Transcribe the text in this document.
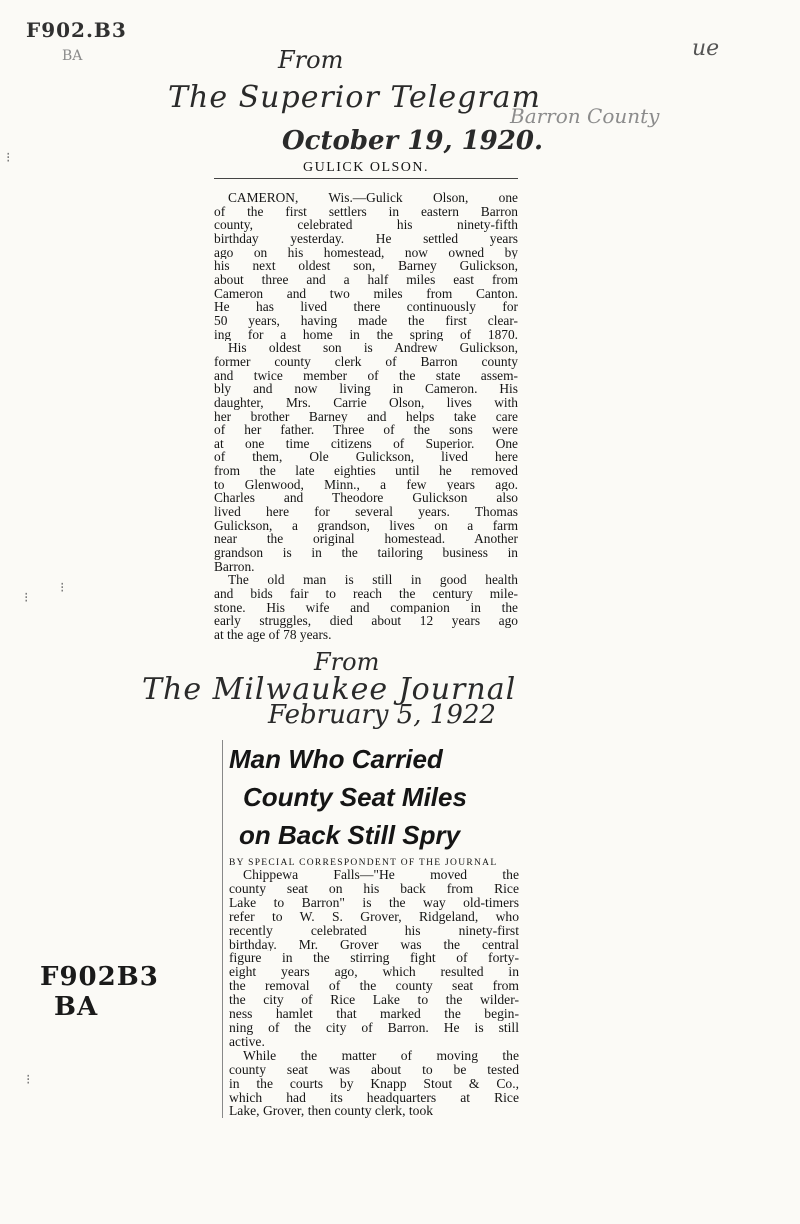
F902.B3
BA	ue
From
The Superior Telegram
October 19, 1920.
Barron County
GULICK OLSON.
CAMERON, Wis.—Gulick Olson, one
of the first settlers in eastern Barron
county, celebrated his ninety-fifth
birthday yesterday. He settled years
ago on his homestead, now owned by
his next oldest son, Barney Gulickson,
about three and a half miles east from
Cameron and two miles from Canton.
He has lived there continuously for
50 years, having made the first clear-
ing for a home in the spring of 1870.
His oldest son is Andrew Gulickson,
former county clerk of Barron county
and twice member of the state assem-
bly and now living in Cameron. His
daughter, Mrs. Carrie Olson, lives with
her brother Barney and helps take care
of her father. Three of the sons were
at one time citizens of Superior. One
of them, Ole Gulickson, lived here
from the late eighties until he removed
to Glenwood, Minn., a few years ago.
Charles and Theodore Gulickson also
lived here for several years. Thomas
Gulickson, a grandson, lives on a farm
near the original homestead. Another
grandson is in the tailoring business in
Barron.
The old man is still in good health
and bids fair to reach the century mile-
stone. His wife and companion in the
early struggles, died about 12 years ago
at the age of 78 years.
From
The Milwaukee Journal
February 5, 1922
Man Who Carried
County Seat Miles
on Back Still Spry
BY SPECIAL CORRESPONDENT OF THE JOURNAL
Chippewa Falls—"He moved the
county seat on his back from Rice
Lake to Barron" is the way old-timers
refer to W. S. Grover, Ridgeland, who
recently celebrated his ninety-first
birthday. Mr. Grover was the central
figure in the stirring fight of forty-
eight years ago, which resulted in
the removal of the county seat from
the city of Rice Lake to the wilder-
ness hamlet that marked the begin-
ning of the city of Barron. He is still
active.
While the matter of moving the
county seat was about to be tested
in the courts by Knapp Stout & Co.,
which had its headquarters at Rice
Lake, Grover, then county clerk, took
F902B3
BA
⁝
⁝
⁝
⁝
